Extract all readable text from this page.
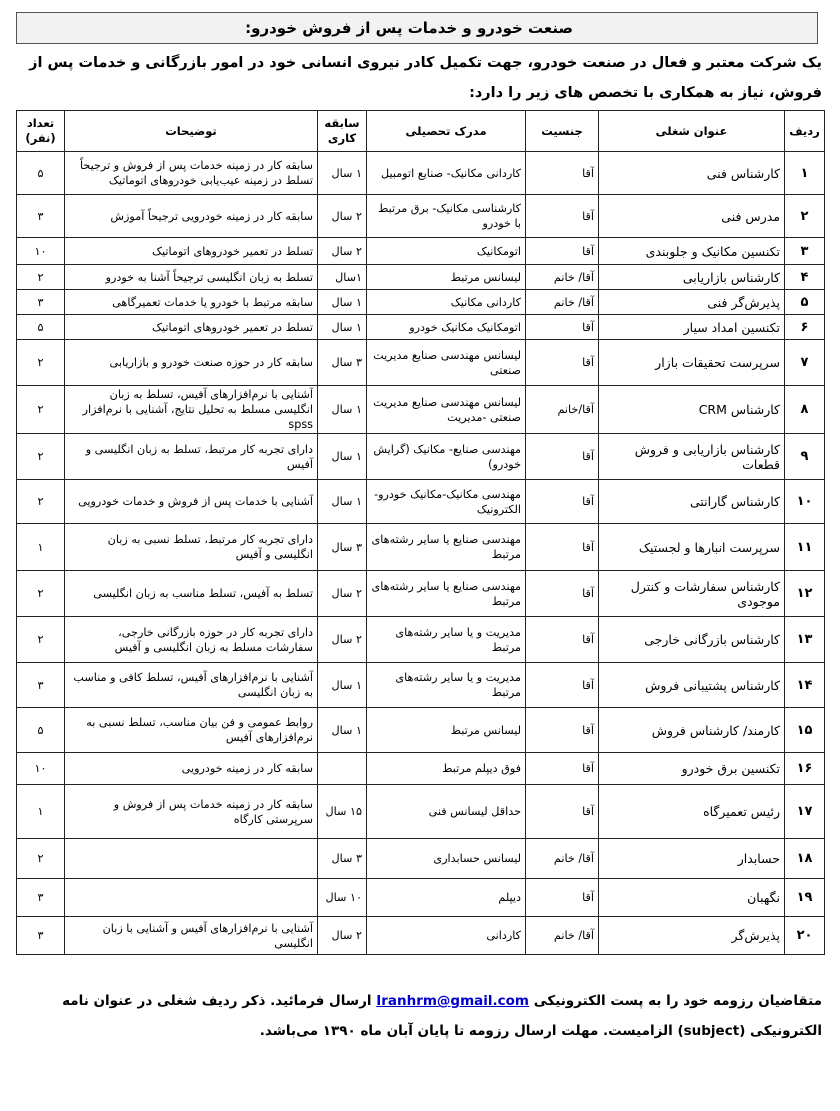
صنعت خودرو و خدمات پس از فروش خودرو:
یک شرکت معتبر و فعال در صنعت خودرو، جهت تکمیل کادر نیروی انسانی خود در امور بازرگانی و خدمات پس از فروش، نیاز به همکاری با تخصص های زیر را دارد:
ردیف	عنوان شغلی	جنسیت	مدرک تحصیلی	سابقه کاری	توضیحات	تعداد (نفر)
۱	کارشناس فنی	آقا	کاردانی مکانیک- صنایع اتومبیل	۱ سال	سابقه کار در زمینه خدمات پس از فروش و ترجیحاً تسلط در زمینه عیب‌یابی خودروهای اتوماتیک	۵
۲	مدرس فنی	آقا	کارشناسی مکانیک- برق مرتبط با خودرو	۲ سال	سابقه کار در زمینه خودرویی ترجیحاً آموزش	۳
۳	تکنسین مکانیک و جلوبندی	آقا	اتومکانیک	۲ سال	تسلط در تعمیر خودروهای اتوماتیک	۱۰
۴	کارشناس بازاریابی	آقا/ خانم	لیسانس مرتبط	۱سال	تسلط به زبان انگلیسی ترجیحاً آشنا به خودرو	۲
۵	پذیرش‌گر فنی	آقا/ خانم	کاردانی مکانیک	۱ سال	سابقه مرتبط با خودرو یا خدمات تعمیرگاهی	۳
۶	تکنسین امداد سیار	آقا	اتومکانیک مکانیک خودرو	۱ سال	تسلط در تعمیر خودروهای اتوماتیک	۵
۷	سرپرست تحقیقات بازار	آقا	لیسانس مهندسی صنایع مدیریت صنعتی	۳ سال	سابقه کار در حوزه صنعت خودرو و بازاریابی	۲
۸	کارشناس CRM	آقا/خانم	لیسانس مهندسی صنایع مدیریت صنعتی -مدیریت	۱ سال	آشنایی با نرم‌افزارهای آفیس، تسلط به زبان انگلیسی مسلط به تحلیل نتایج، آشنایی با نرم‌افزار spss	۲
۹	کارشناس بازاریابی و فروش قطعات	آقا	مهندسی صنایع- مکانیک (گرایش خودرو)	۱ سال	دارای تجربه کار مرتبط، تسلط به زبان انگلیسی و آفیس	۲
۱۰	کارشناس گارانتی	آقا	مهندسی مکانیک-مکانیک خودرو-الکترونیک	۱ سال	آشنایی با خدمات پس از فروش و خدمات خودرویی	۲
۱۱	سرپرست انبارها و لجستیک	آقا	مهندسی صنایع یا سایر رشته‌های مرتبط	۳ سال	دارای تجربه کار مرتبط، تسلط نسبی به زبان انگلیسی و آفیس	۱
۱۲	کارشناس سفارشات و کنترل موجودی	آقا	مهندسی صنایع یا سایر رشته‌های مرتبط	۲ سال	تسلط به آفیس، تسلط مناسب به زبان انگلیسی	۲
۱۳	کارشناس بازرگانی خارجی	آقا	مدیریت و یا سایر رشته‌های مرتبط	۲ سال	دارای تجربه کار در حوزه بازرگانی خارجی، سفارشات مسلط به زبان انگلیسی و آفیس	۲
۱۴	کارشناس پشتیبانی فروش	آقا	مدیریت و یا سایر رشته‌های مرتبط	۱ سال	آشنایی با نرم‌افزارهای آفیس، تسلط کافی و مناسب به زبان انگلیسی	۳
۱۵	کارمند/ کارشناس فروش	آقا	لیسانس مرتبط	۱ سال	روابط عمومی و فن بیان مناسب، تسلط نسبی به نرم‌افزارهای آفیس	۵
۱۶	تکنسین برق خودرو	آقا	فوق دیپلم مرتبط		سابقه کار در زمینه خودرویی	۱۰
۱۷	رئیس تعمیرگاه	آقا	حداقل لیسانس فنی	۱۵ سال	سابقه کار در زمینه خدمات پس از فروش و سرپرستی کارگاه	۱
۱۸	حسابدار	آقا/ خانم	لیسانس حسابداری	۳ سال		۲
۱۹	نگهبان	آقا	دیپلم	۱۰ سال		۳
۲۰	پذیرش‌گر	آقا/ خانم	کاردانی	۲ سال	آشنایی با نرم‌افزارهای آفیس و آشنایی با زبان انگلیسی	۳
متقاضیان رزومه خود را به پست الکترونیکی Iranhrm@gmail.com ارسال فرمائید. ذکر ردیف شغلی در عنوان نامه الکترونیکی (subject) الزامیست. مهلت ارسال رزومه تا پایان آبان ماه ۱۳۹۰ می‌باشد.
